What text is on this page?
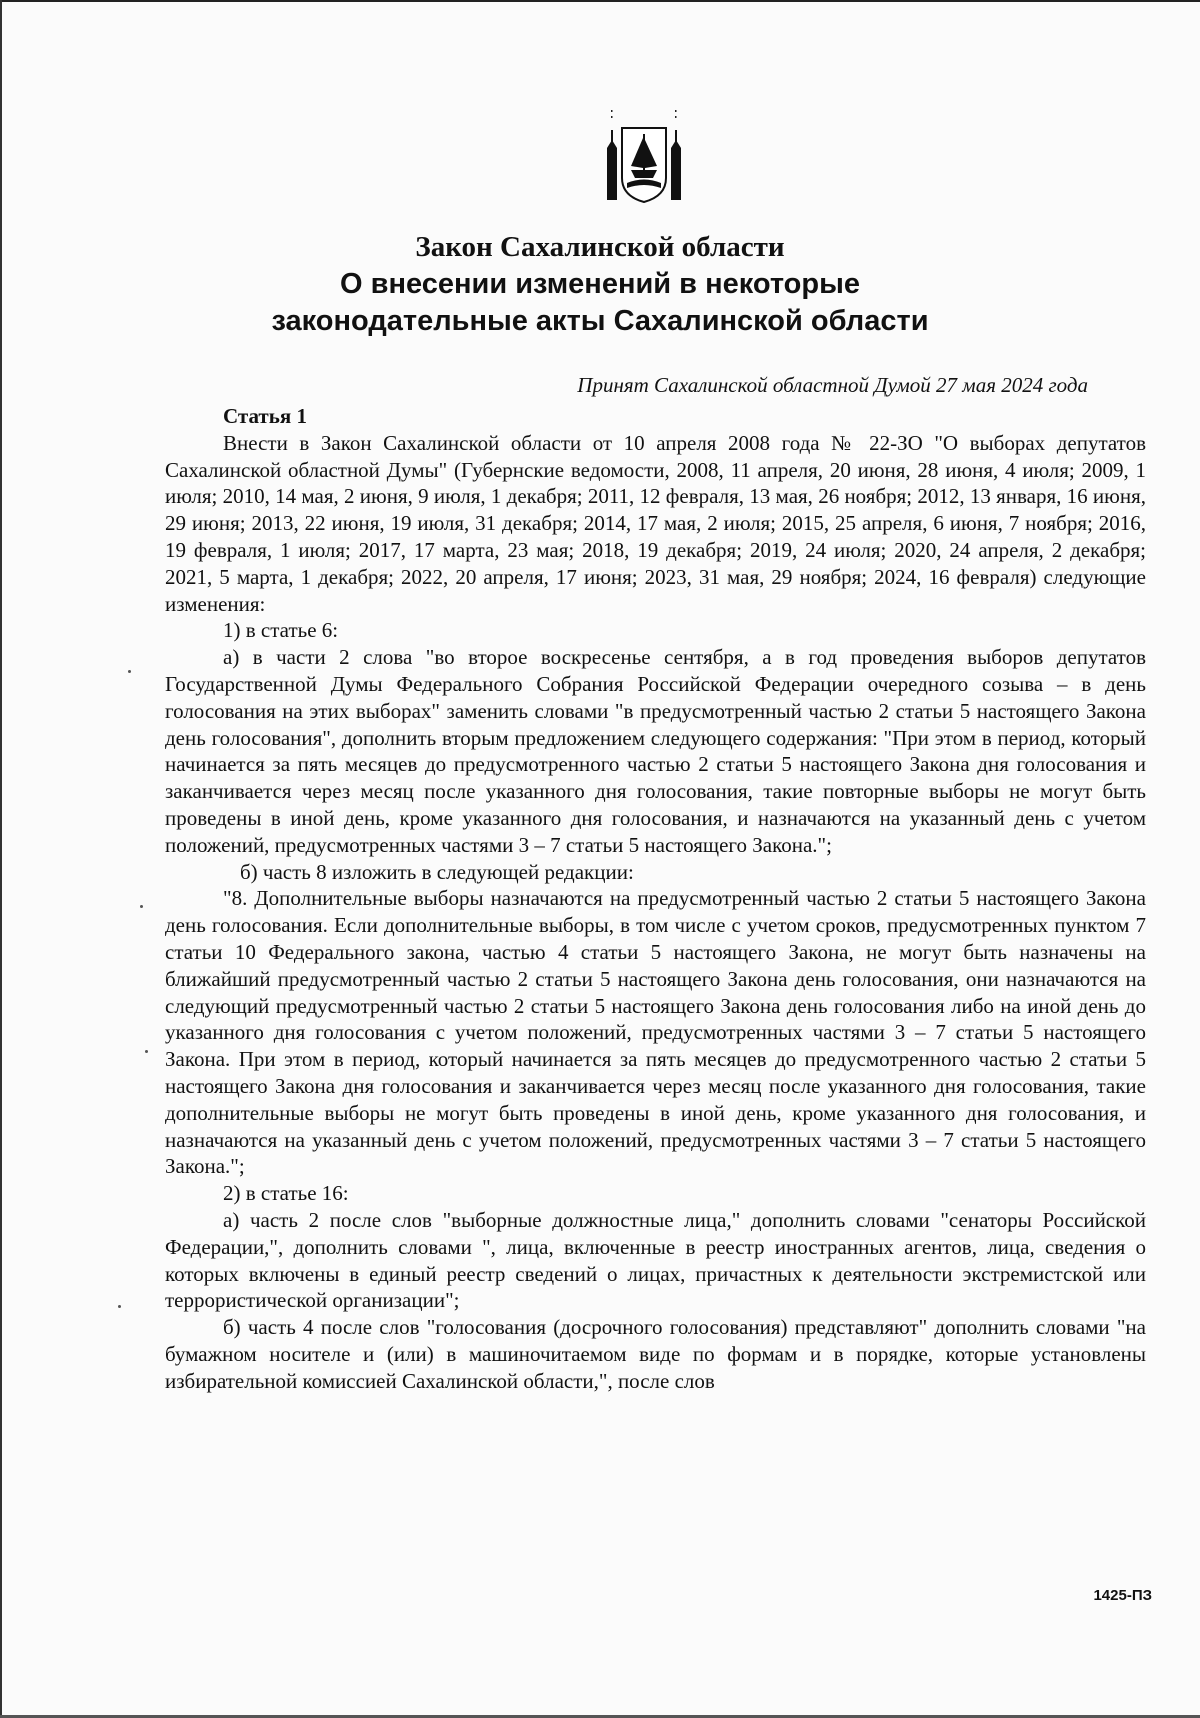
Закон Сахалинской области
О внесении изменений в некоторые
законодательные акты Сахалинской области
Принят Сахалинской областной Думой 27 мая 2024 года

Статья 1

Внести в Закон Сахалинской области от 10 апреля 2008 года № 22-ЗО "О выборах депутатов Сахалинской областной Думы" (Губернские ведомости, 2008, 11 апреля, 20 июня, 28 июня, 4 июля; 2009, 1 июля; 2010, 14 мая, 2 июня, 9 июля, 1 декабря; 2011, 12 февраля, 13 мая, 26 ноября; 2012, 13 января, 16 июня, 29 июня; 2013, 22 июня, 19 июля, 31 декабря; 2014, 17 мая, 2 июля; 2015, 25 апреля, 6 июня, 7 ноября; 2016, 19 февраля, 1 июля; 2017, 17 марта, 23 мая; 2018, 19 декабря; 2019, 24 июля; 2020, 24 апреля, 2 декабря; 2021, 5 марта, 1 декабря; 2022, 20 апреля, 17 июня; 2023, 31 мая, 29 ноября; 2024, 16 февраля) следующие изменения:

1) в статье 6:

а) в части 2 слова "во второе воскресенье сентября, а в год проведения выборов депутатов Государственной Думы Федерального Собрания Российской Федерации очередного созыва – в день голосования на этих выборах" заменить словами "в предусмотренный частью 2 статьи 5 настоящего Закона день голосования", дополнить вторым предложением следующего содержания: "При этом в период, который начинается за пять месяцев до предусмотренного частью 2 статьи 5 настоящего Закона дня голосования и заканчивается через месяц после указанного дня голосования, такие повторные выборы не могут быть проведены в иной день, кроме указанного дня голосования, и назначаются на указанный день с учетом положений, предусмотренных частями 3 – 7 статьи 5 настоящего Закона.";

б) часть 8 изложить в следующей редакции:

"8. Дополнительные выборы назначаются на предусмотренный частью 2 статьи 5 настоящего Закона день голосования. Если дополнительные выборы, в том числе с учетом сроков, предусмотренных пунктом 7 статьи 10 Федерального закона, частью 4 статьи 5 настоящего Закона, не могут быть назначены на ближайший предусмотренный частью 2 статьи 5 настоящего Закона день голосования, они назначаются на следующий предусмотренный частью 2 статьи 5 настоящего Закона день голосования либо на иной день до указанного дня голосования с учетом положений, предусмотренных частями 3 – 7 статьи 5 настоящего Закона. При этом в период, который начинается за пять месяцев до предусмотренного частью 2 статьи 5 настоящего Закона дня голосования и заканчивается через месяц после указанного дня голосования, такие дополнительные выборы не могут быть проведены в иной день, кроме указанного дня голосования, и назначаются на указанный день с учетом положений, предусмотренных частями 3 – 7 статьи 5 настоящего Закона.";

2) в статье 16:

а) часть 2 после слов "выборные должностные лица," дополнить словами "сенаторы Российской Федерации,", дополнить словами ", лица, включенные в реестр иностранных агентов, лица, сведения о которых включены в единый реестр сведений о лицах, причастных к деятельности экстремистской или террористической организации";

б) часть 4 после слов "голосования (досрочного голосования) представляют" дополнить словами "на бумажном носителе и (или) в машиночитаемом виде по формам и в порядке, которые установлены избирательной комиссией Сахалинской области,", после слов

1425-ПЗ
